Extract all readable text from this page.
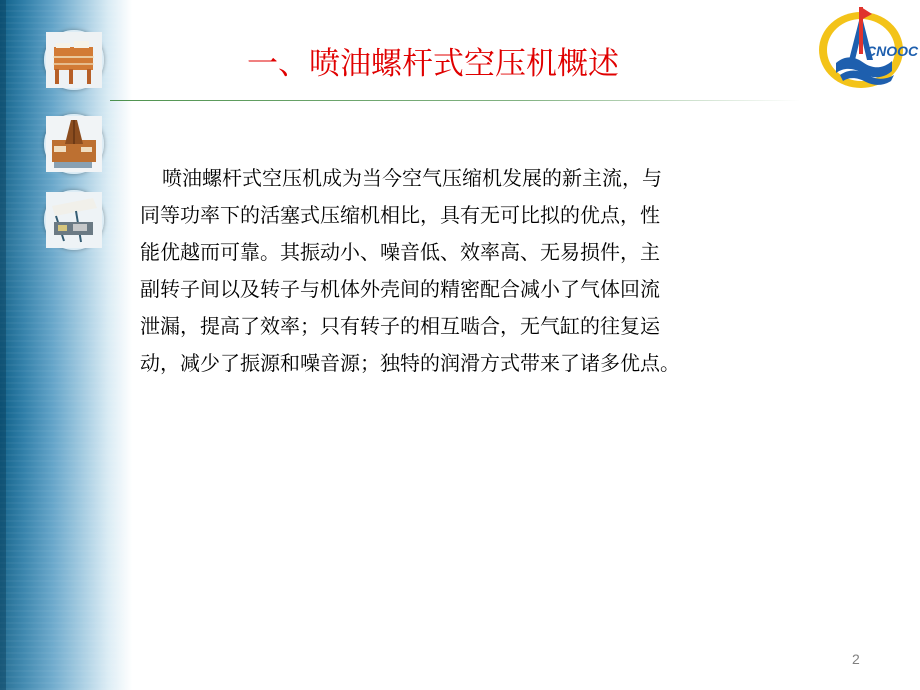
CNOOC
一、喷油螺杆式空压机概述
喷油螺杆式空压机成为当今空气压缩机发展的新主流，与
同等功率下的活塞式压缩机相比，具有无可比拟的优点，性
能优越而可靠。其振动小、噪音低、效率高、无易损件，主
副转子间以及转子与机体外壳间的精密配合减小了气体回流
泄漏，提高了效率；只有转子的相互啮合，无气缸的往复运
动，减少了振源和噪音源；独特的润滑方式带来了诸多优点。
2
